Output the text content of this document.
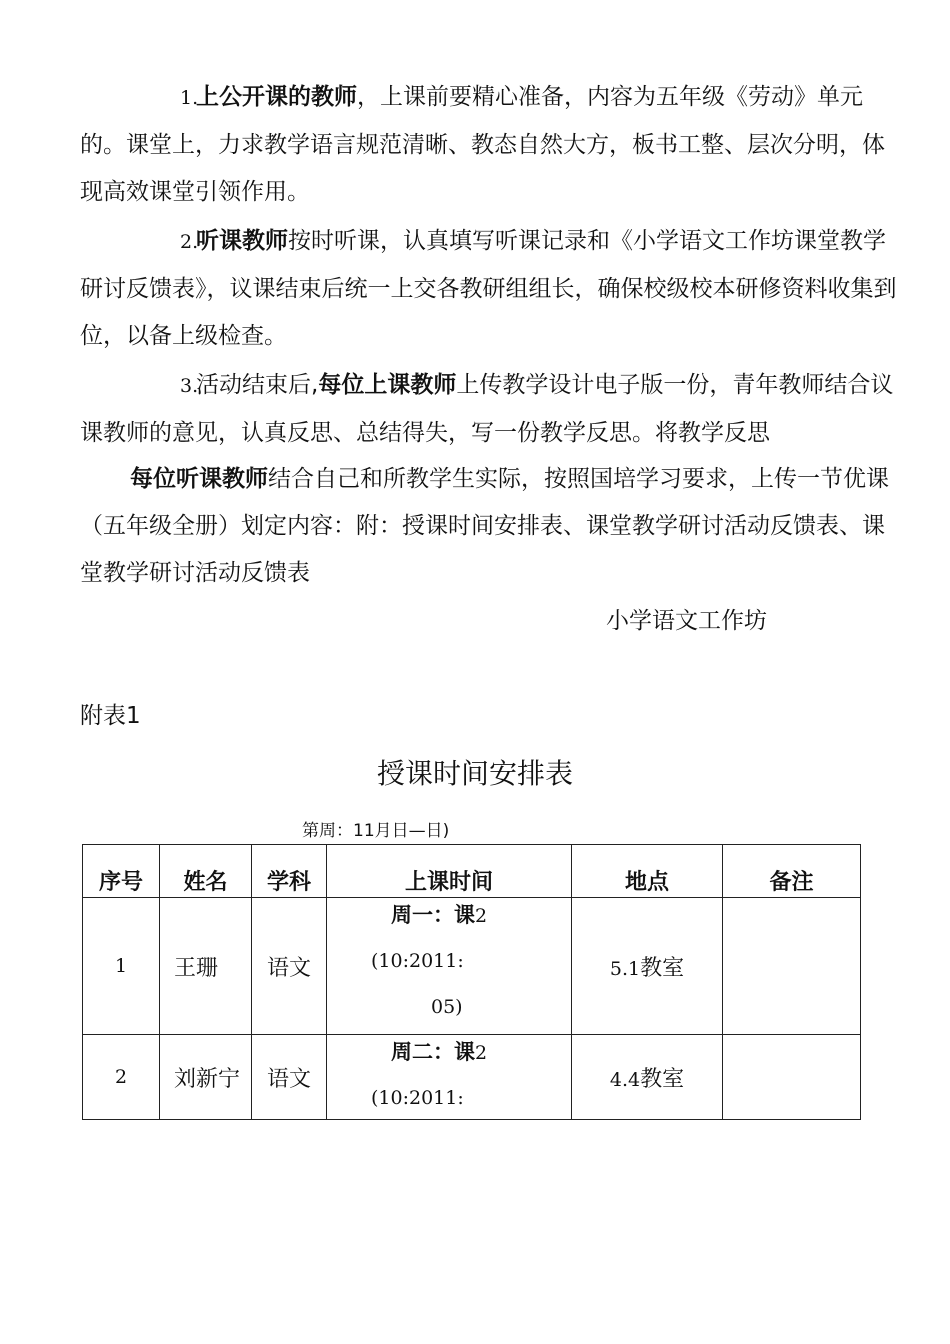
1.上公开课的教师，上课前要精心准备，内容为五年级《劳动》单元的。课堂上，力求教学语言规范清晰、教态自然大方，板书工整、层次分明，体现高效课堂引领作用。

2.听课教师按时听课，认真填写听课记录和《小学语文工作坊课堂教学研讨反馈表》，议课结束后统一上交各教研组组长，确保校级校本研修资料收集到位，以备上级检查。

3.活动结束后,每位上课教师上传教学设计电子版一份，青年教师结合议课教师的意见，认真反思、总结得失，写一份教学反思。将教学反思

每位听课教师结合自己和所教学生实际，按照国培学习要求，上传一节优课（五年级全册）划定内容：附：授课时间安排表、课堂教学研讨活动反馈表、课堂教学研讨活动反馈表

小学语文工作坊
附表1
授课时间安排表
第周：11月日—日)
序号	姓名	学科	上课时间	地点	备注
1	王珊	语文	周一：课2
(10:2011:
05)	5.1教室	
2	刘新宁	语文	周二：课2
(10:2011:	4.4教室	
